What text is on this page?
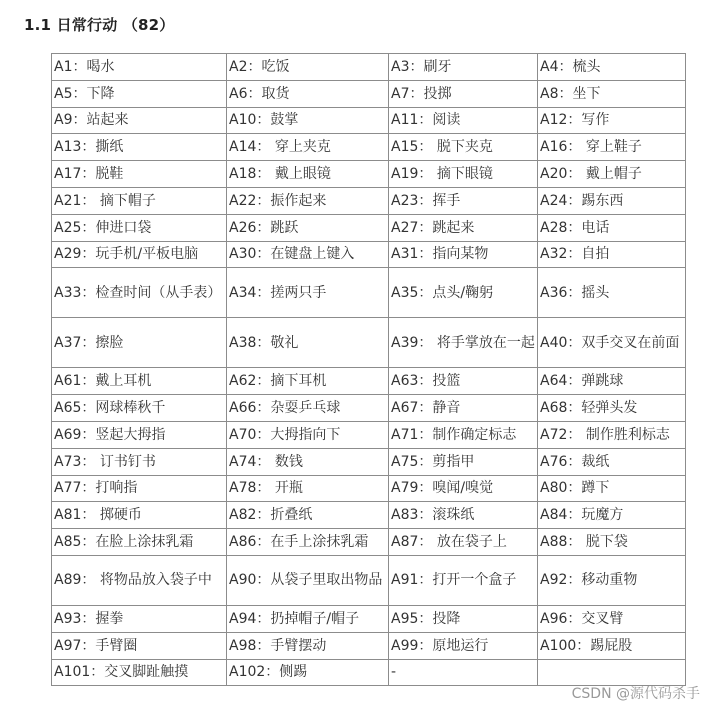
1.1 日常行动 （82）
A1：喝水	A2：吃饭	A3：刷牙	A4：梳头
A5：下降	A6：取货	A7：投掷	A8：坐下
A9：站起来	A10：鼓掌	A11：阅读	A12：写作
A13：撕纸	A14： 穿上夹克	A15： 脱下夹克	A16： 穿上鞋子
A17：脱鞋	A18： 戴上眼镜	A19： 摘下眼镜	A20： 戴上帽子
A21： 摘下帽子	A22：振作起来	A23：挥手	A24：踢东西
A25：伸进口袋	A26：跳跃	A27：跳起来	A28：电话
A29：玩手机/平板电脑	A30：在键盘上键入	A31：指向某物	A32：自拍
A33：检查时间（从手表）	A34：搓两只手	A35：点头/鞠躬	A36：摇头
A37：擦脸	A38：敬礼	A39： 将手掌放在一起	A40：双手交叉在前面
A61：戴上耳机	A62：摘下耳机	A63：投篮	A64：弹跳球
A65：网球棒秋千	A66：杂耍乒乓球	A67：静音	A68：轻弹头发
A69：竖起大拇指	A70：大拇指向下	A71：制作确定标志	A72： 制作胜利标志
A73： 订书钉书	A74： 数钱	A75：剪指甲	A76：裁纸
A77：打响指	A78： 开瓶	A79：嗅闻/嗅觉	A80：蹲下
A81： 掷硬币	A82：折叠纸	A83：滚珠纸	A84：玩魔方
A85：在脸上涂抹乳霜	A86：在手上涂抹乳霜	A87： 放在袋子上	A88： 脱下袋
A89： 将物品放入袋子中	A90：从袋子里取出物品	A91：打开一个盒子	A92：移动重物
A93：握拳	A94：扔掉帽子/帽子	A95：投降	A96：交叉臂
A97：手臂圈	A98：手臂摆动	A99：原地运行	A100：踢屁股
A101：交叉脚趾触摸	A102：侧踢	-	
CSDN @源代码杀手
